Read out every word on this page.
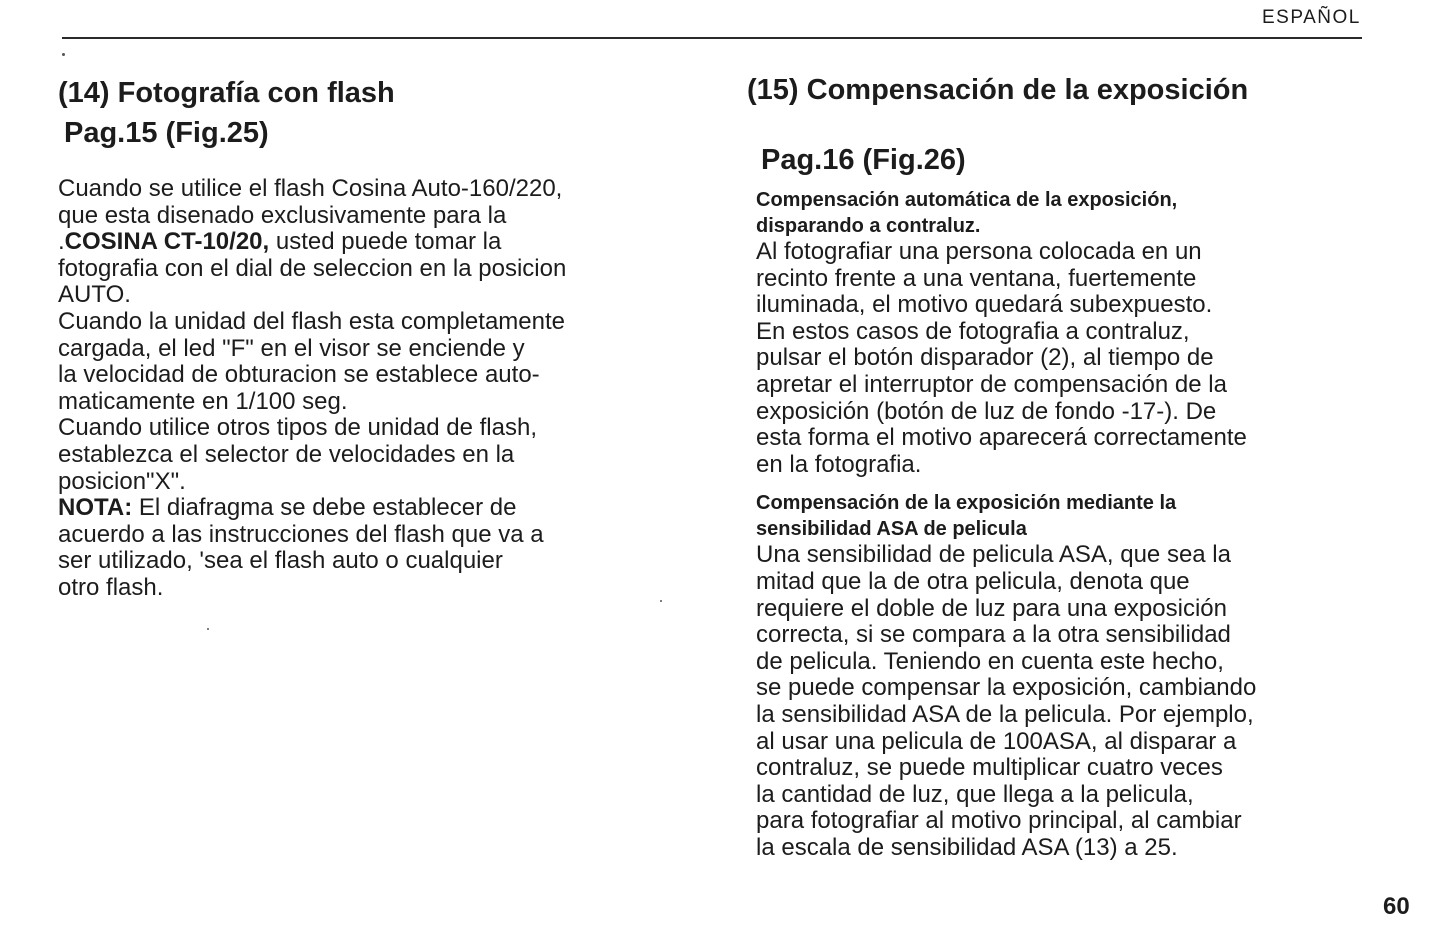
ESPAÑOL
(14) Fotografía con flash
Pag.15 (Fig.25)
Cuando se utilice el flash Cosina Auto-160/220,
que esta disenado exclusivamente para la
.COSINA CT-10/20, usted puede tomar la
fotografia con el dial de seleccion en la posicion
AUTO.
Cuando la unidad del flash esta completamente
cargada, el led "F" en el visor se enciende y
la velocidad de obturacion se establece auto-
maticamente en 1/100 seg.
Cuando utilice otros tipos de unidad de flash,
establezca el selector de velocidades en la
posicion"X".
NOTA: El diafragma se debe establecer de
acuerdo a las instrucciones del flash que va a
ser utilizado, 'sea el flash auto o cualquier
otro flash.
(15) Compensación de la exposición
Pag.16 (Fig.26)
Compensación automática de la exposición,
disparando a contraluz.
Al fotografiar una persona colocada en un
recinto frente a una ventana, fuertemente
iluminada, el motivo quedará subexpuesto.
En estos casos de fotografia a contraluz,
pulsar el botón disparador (2), al tiempo de
apretar el interruptor de compensación de la
exposición (botón de luz de fondo -17-). De
esta forma el motivo aparecerá correctamente
en la fotografia.
Compensación de la exposición mediante la
sensibilidad ASA de pelicula
Una sensibilidad de pelicula ASA, que sea la
mitad que la de otra pelicula, denota que
requiere el doble de luz para una exposición
correcta, si se compara a la otra sensibilidad
de pelicula. Teniendo en cuenta este hecho,
se puede compensar la exposición, cambiando
la sensibilidad ASA de la pelicula. Por ejemplo,
al usar una pelicula de 100ASA, al disparar a
contraluz, se puede multiplicar cuatro veces
la cantidad de luz, que llega a la pelicula,
para fotografiar al motivo principal, al cambiar
la escala de sensibilidad ASA (13) a 25.
60
